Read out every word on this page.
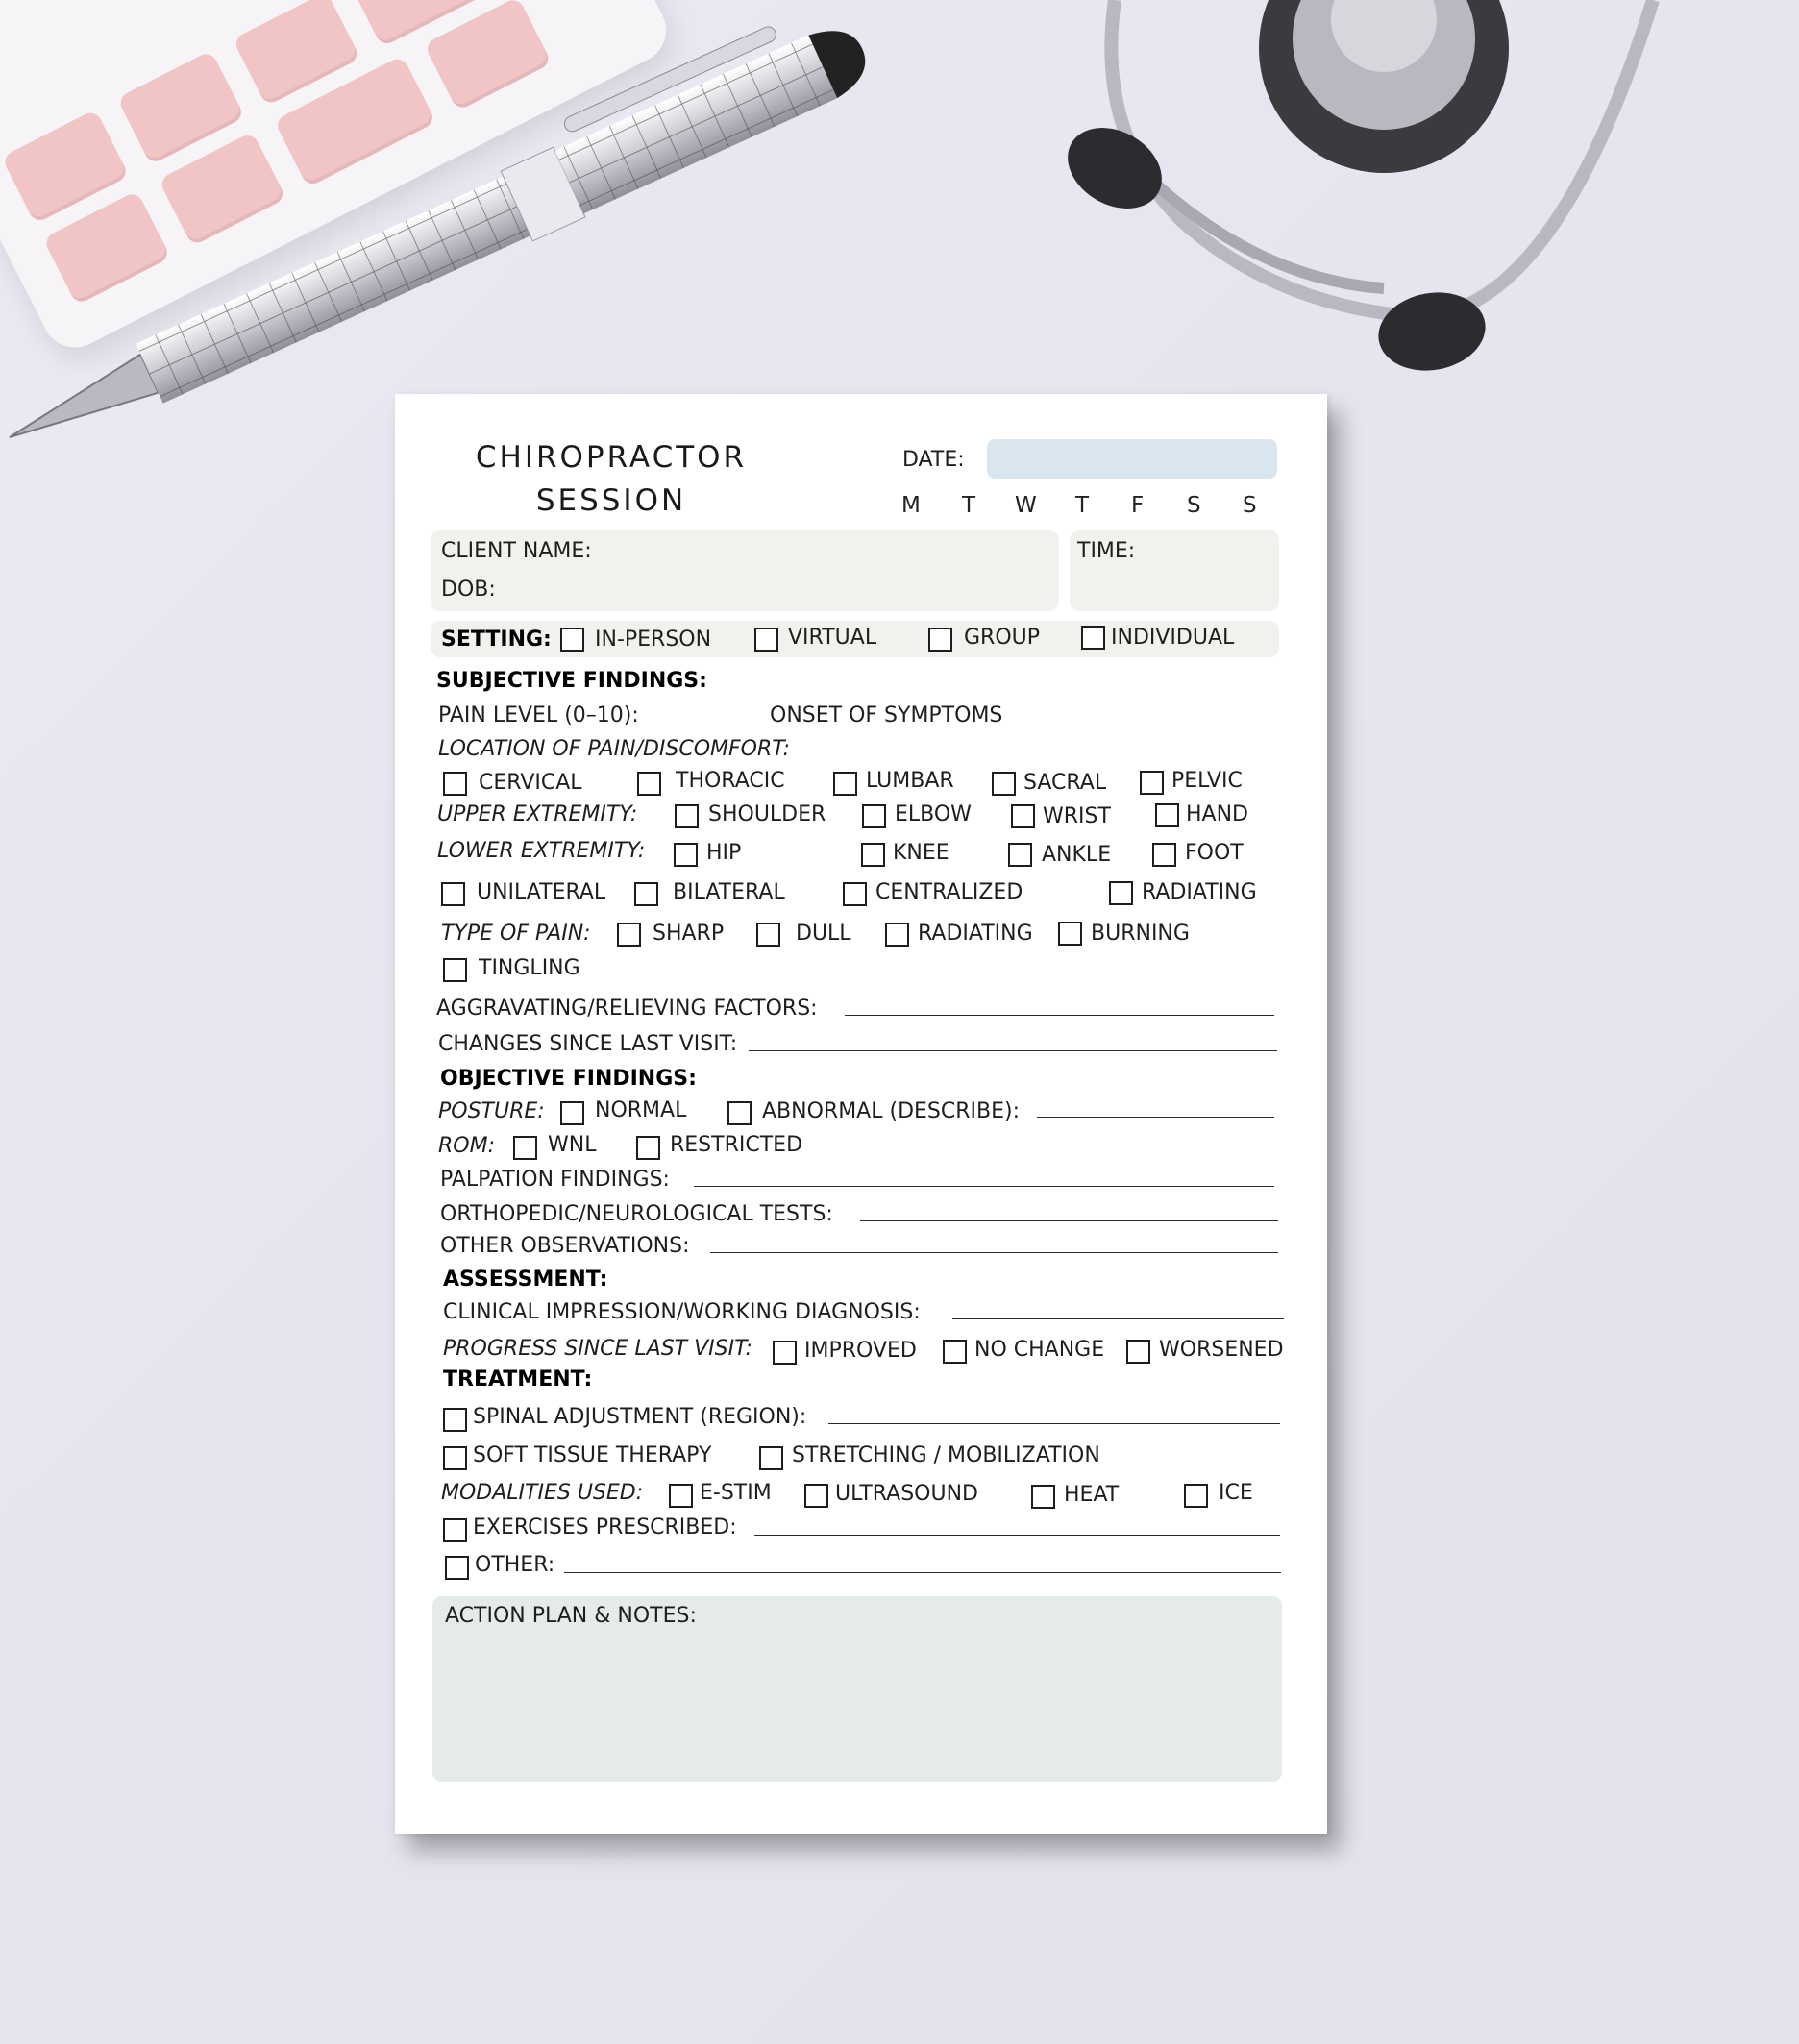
CHIROPRACTOR SESSION
DATE:
M T W T F S S
CLIENT NAME:
DOB:
TIME:
SETTING: IN-PERSON	VIRTUAL	GROUP	INDIVIDUAL
SUBJECTIVE FINDINGS:
PAIN LEVEL (0–10):	ONSET OF SYMPTOMS
LOCATION OF PAIN/DISCOMFORT:
CERVICAL	THORACIC	LUMBAR	SACRAL	PELVIC
UPPER EXTREMITY:	SHOULDER	ELBOW	WRIST	HAND
LOWER EXTREMITY:	HIP	KNEE	ANKLE	FOOT
UNILATERAL	BILATERAL	CENTRALIZED	RADIATING
TYPE OF PAIN:	SHARP	DULL	RADIATING	BURNING
TINGLING
AGGRAVATING/RELIEVING FACTORS:
CHANGES SINCE LAST VISIT:
OBJECTIVE FINDINGS:
POSTURE: NORMAL	ABNORMAL (DESCRIBE):
ROM:	WNL	RESTRICTED
PALPATION FINDINGS:
ORTHOPEDIC/NEUROLOGICAL TESTS:
OTHER OBSERVATIONS:
ASSESSMENT:
CLINICAL IMPRESSION/WORKING DIAGNOSIS:
PROGRESS SINCE LAST VISIT: IMPROVED	NO CHANGE	WORSENED
TREATMENT:
SPINAL ADJUSTMENT (REGION):
SOFT TISSUE THERAPY	STRETCHING / MOBILIZATION
MODALITIES USED:	E-STIM	ULTRASOUND	HEAT	ICE
EXERCISES PRESCRIBED:
OTHER:
ACTION PLAN & NOTES:
